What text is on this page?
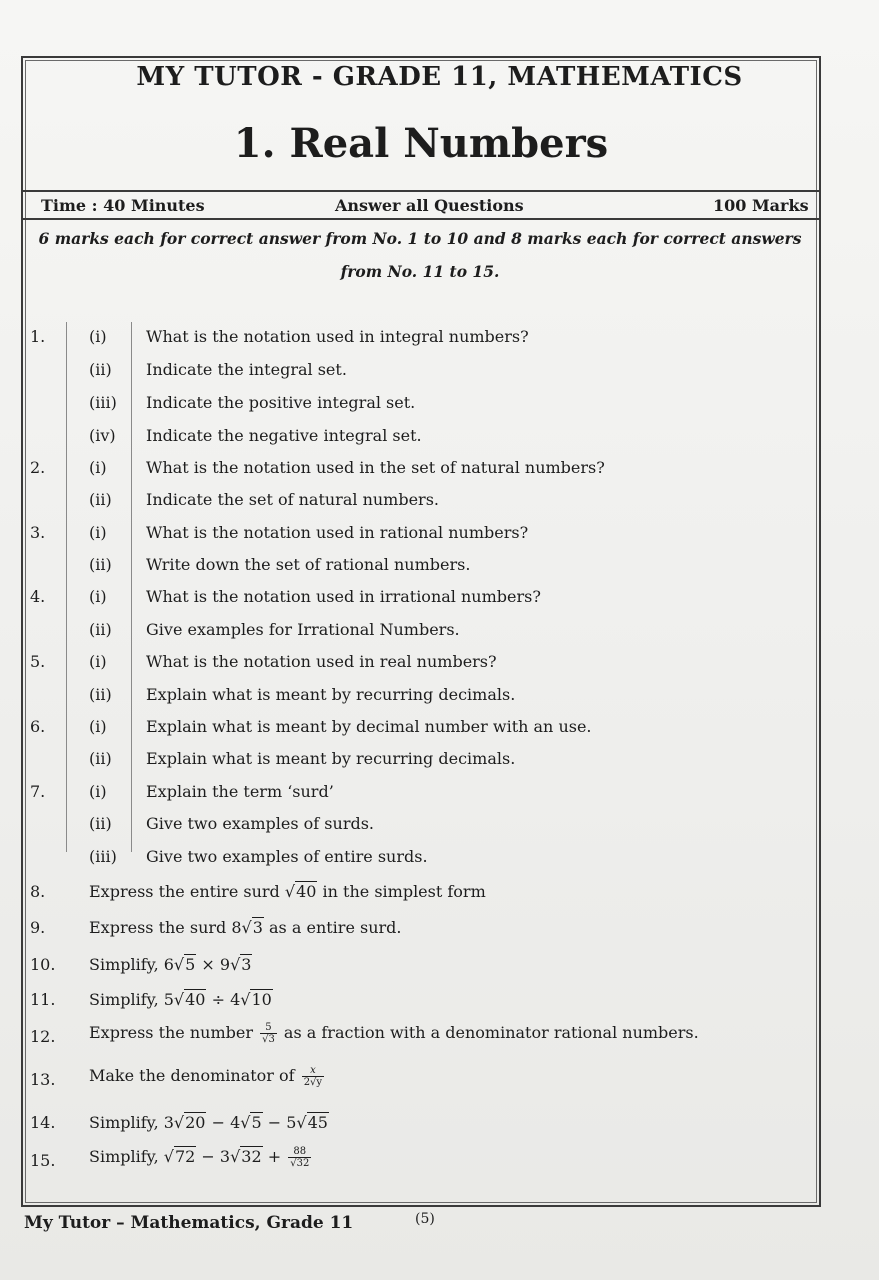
MY TUTOR - GRADE 11, MATHEMATICS
1. Real Numbers
Time : 40 Minutes	Answer all Questions	100 Marks
6 marks each for correct answer from No. 1 to 10 and 8 marks each for correct answers
from No. 11 to 15.
1.	(i) What is the notation used in integral numbers?
(ii) Indicate the integral set.
(iii) Indicate the positive integral set.
(iv) Indicate the negative integral set.
2.	(i) What is the notation used in the set of natural numbers?
(ii) Indicate the set of natural numbers.
3.	(i) What is the notation used in rational numbers?
(ii) Write down the set of rational numbers.
4.	(i) What is the notation used in irrational numbers?
(ii) Give examples for Irrational Numbers.
5.	(i) What is the notation used in real numbers?
(ii) Explain what is meant by recurring decimals.
6.	(i) Explain what is meant by decimal number with an use.
(ii) Explain what is meant by recurring decimals.
7.	(i) Explain the term ‘surd’
(ii) Give two examples of surds.
(iii) Give two examples of entire surds.
8.	Express the entire surd √40 in the simplest form
9.	Express the surd 8√3 as a entire surd.
10. Simplify, 6√5 × 9√3
11. Simplify, 5√40 ÷ 4√10
12. Express the number $\frac{5}{√3}$ as a fraction with a denominator rational numbers.
13. Make the denominator of $\frac{x}{2√y}$
14. Simplify, 3√20 − 4√5 − 5√45
15. Simplify, $√72 - 3√32 + \frac{88}{√32}$
My Tutor – Mathematics, Grade 11	(5)
